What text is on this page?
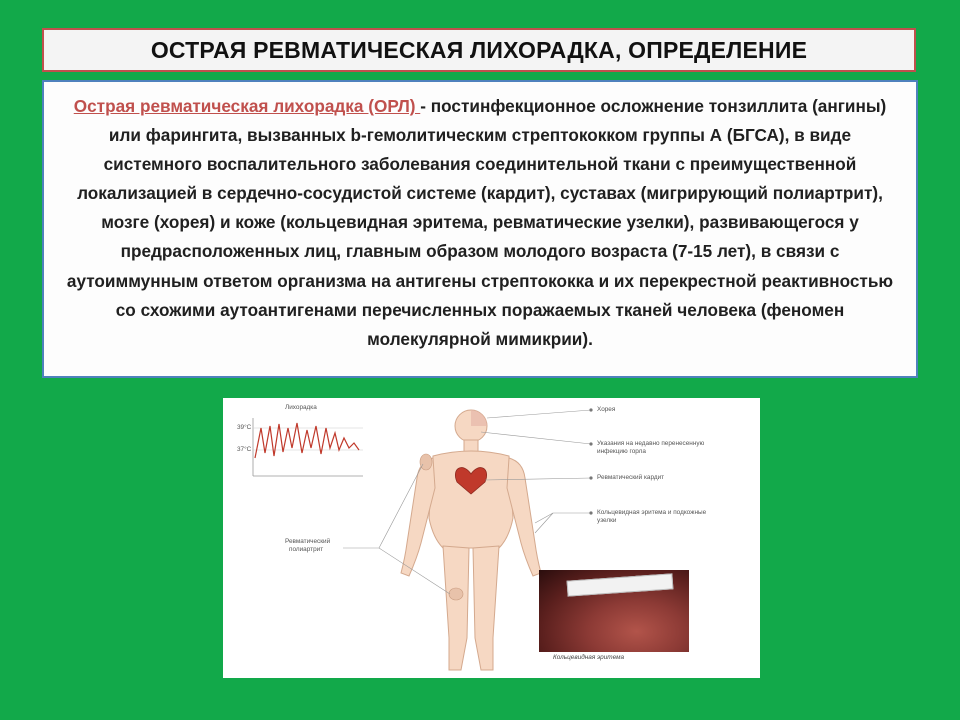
ОСТРАЯ РЕВМАТИЧЕСКАЯ ЛИХОРАДКА, ОПРЕДЕЛЕНИЕ
Острая ревматическая лихорадка (ОРЛ) - постинфекционное осложнение тонзиллита (ангины) или фарингита, вызванных b-гемолитическим стрептококком группы А (БГСА), в виде системного воспалительного заболевания соединительной ткани с преимущественной локализацией в сердечно-сосудистой системе (кардит), суставах (мигрирующий полиартрит), мозге (хорея) и коже (кольцевидная эритема, ревматические узелки), развивающегося у предрасположенных лиц, главным образом молодого возраста (7-15 лет), в связи с аутоиммунным ответом организма на антигены стрептококка и их перекрестной реактивностью со схожими аутоантигенами перечисленных поражаемых тканей человека (феномен молекулярной мимикрии).
Лихорадка
39°C
37°C
Хорея
Указания на недавно перенесенную
инфекцию горла
Ревматический кардит
Кольцевидная эритема и подкожные
узелки
Ревматический
полиартрит
Кольцевидная эритема
